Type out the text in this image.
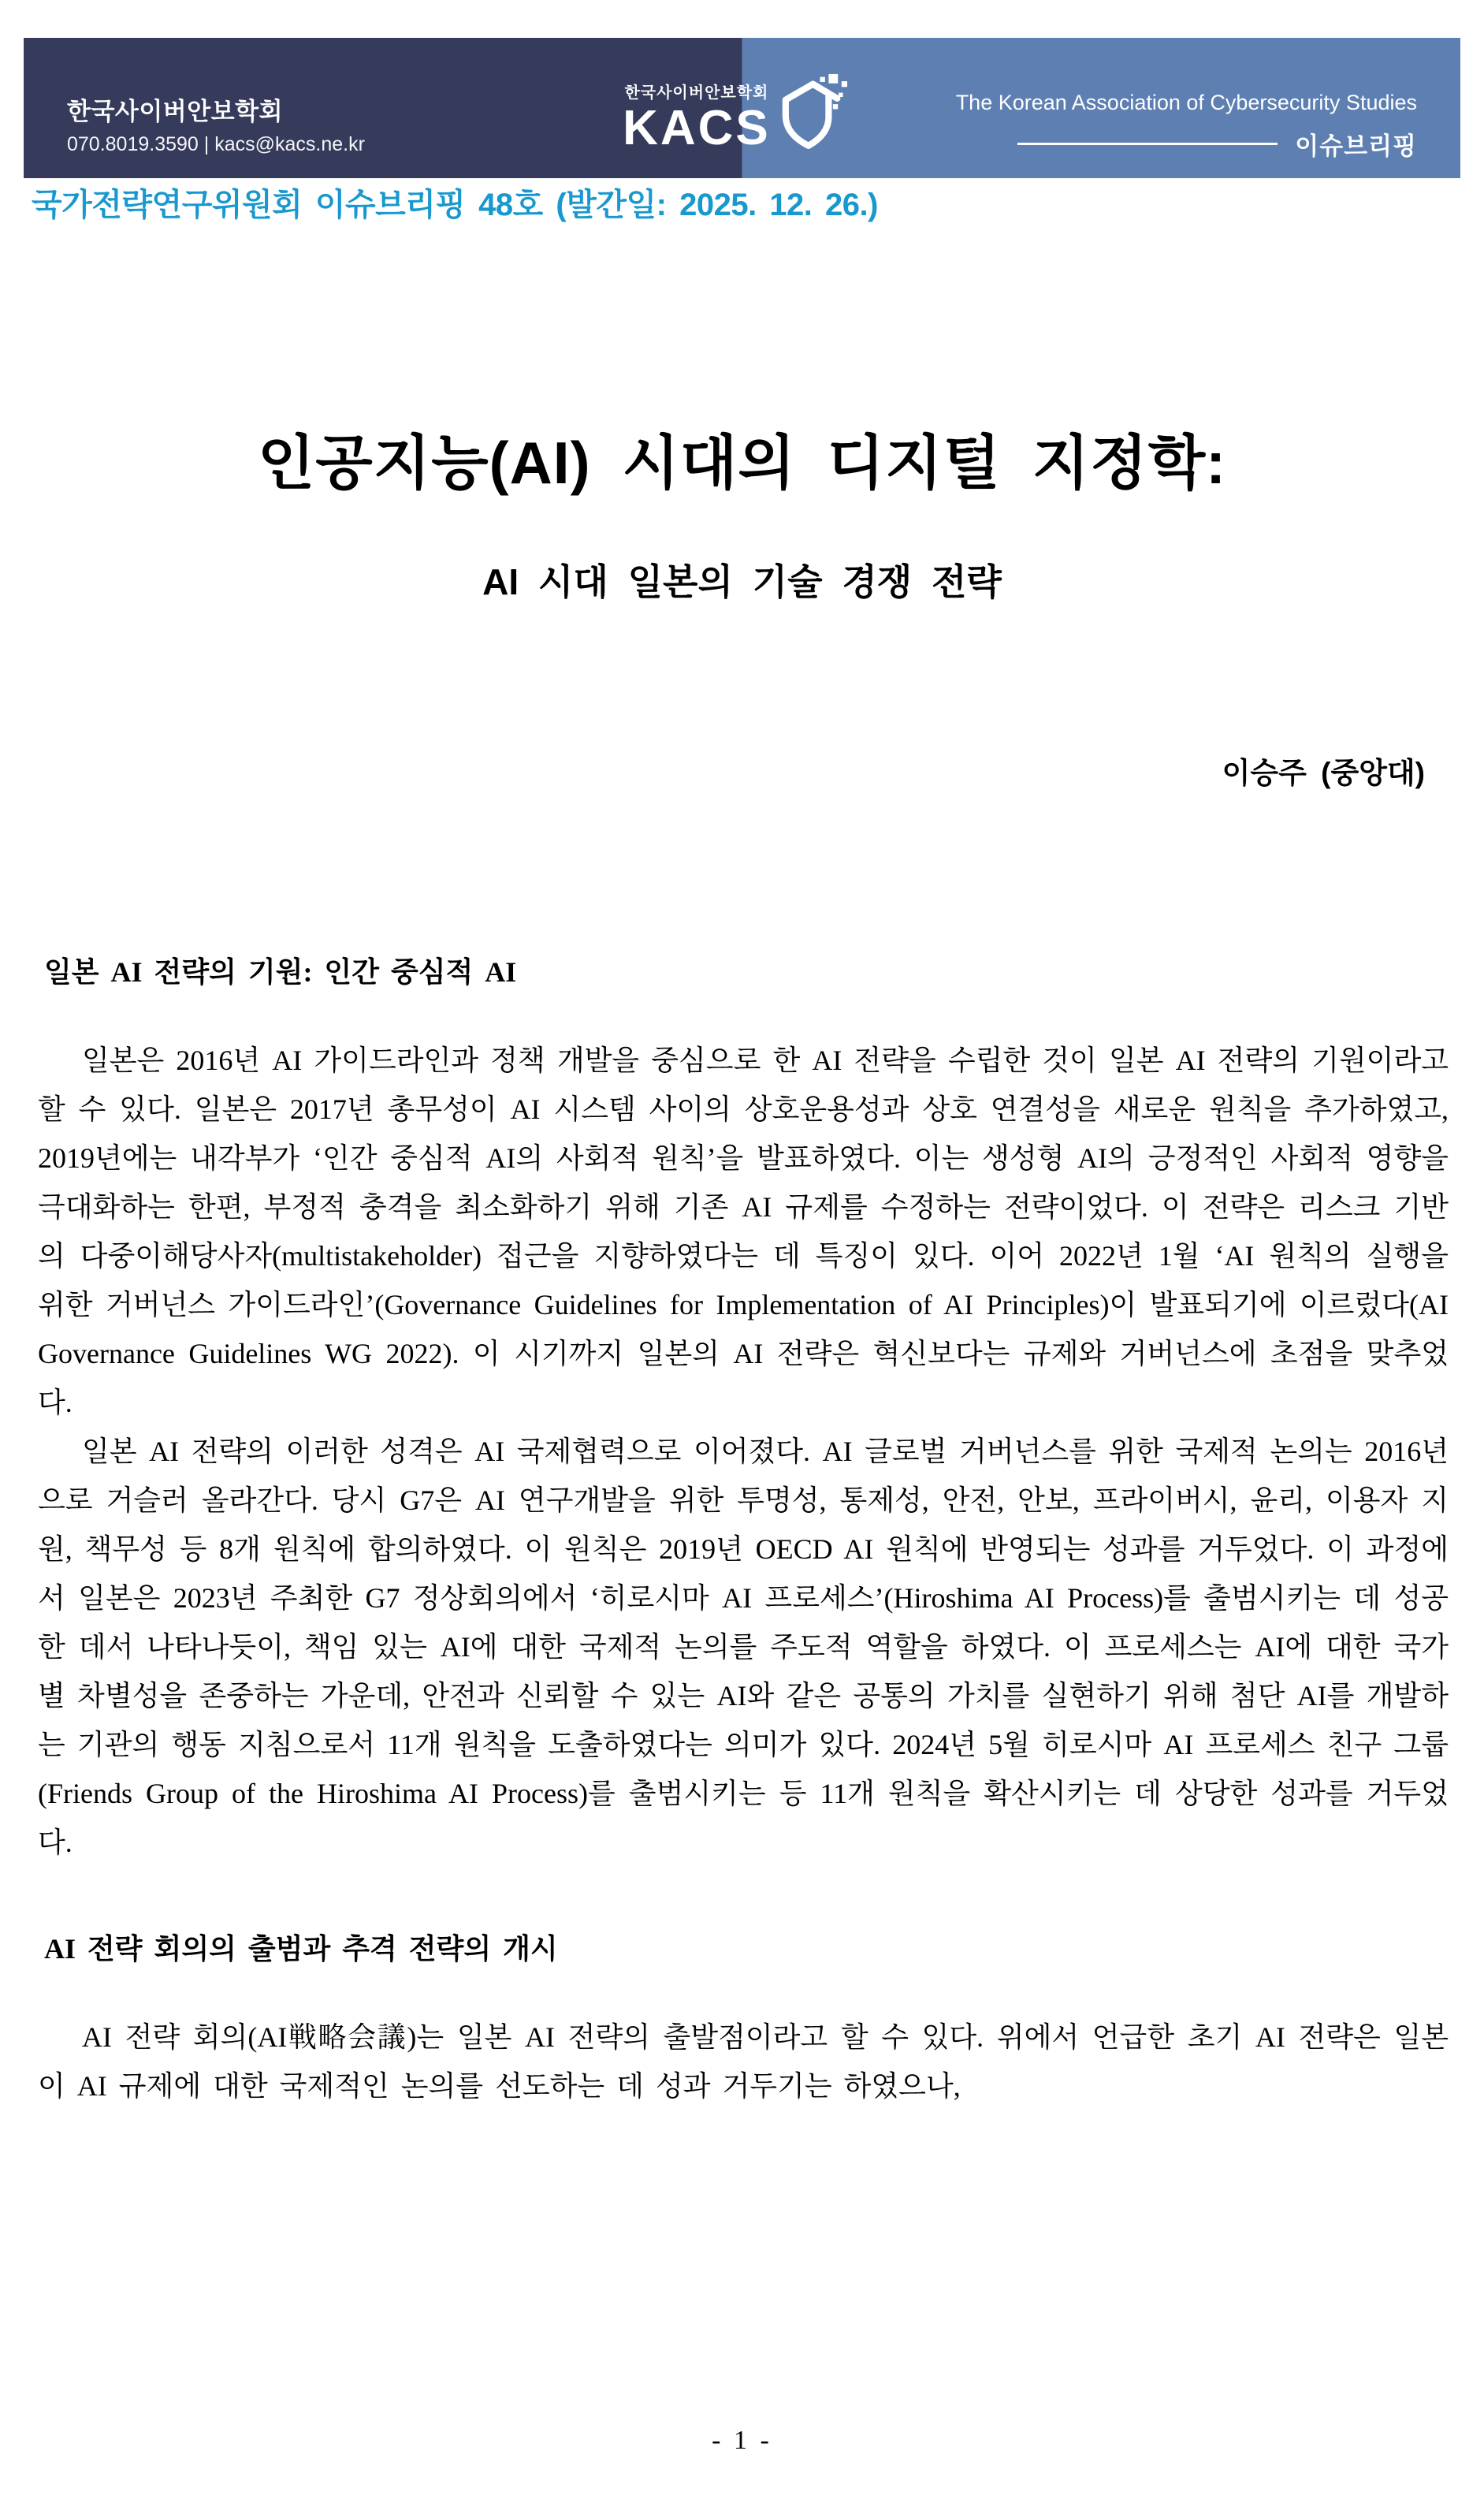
한국사이버안보학회
070.8019.3590 | kacs@kacs.ne.kr
한국사이버안보학회
KACS	The Korean Association of Cybersecurity Studies
이슈브리핑
국가전략연구위원회 이슈브리핑 48호 (발간일: 2025. 12. 26.)
인공지능(AI) 시대의 디지털 지정학:
AI 시대 일본의 기술 경쟁 전략
이승주 (중앙대)
일본 AI 전략의 기원: 인간 중심적 AI

일본은 2016년 AI 가이드라인과 정책 개발을 중심으로 한 AI 전략을 수립한 것이 일본 AI 전략의 기원이라고 할 수 있다. 일본은 2017년 총무성이 AI 시스템 사이의 상호운용성과 상호 연결성을 새로운 원칙을 추가하였고, 2019년에는 내각부가 ‘인간 중심적 AI의 사회적 원칙’을 발표하였다. 이는 생성형 AI의 긍정적인 사회적 영향을 극대화하는 한편, 부정적 충격을 최소화하기 위해 기존 AI 규제를 수정하는 전략이었다. 이 전략은 리스크 기반의 다중이해당사자(multistakeholder) 접근을 지향하였다는 데 특징이 있다. 이어 2022년 1월 ‘AI 원칙의 실행을 위한 거버넌스 가이드라인’(Governance Guidelines for Implementation of AI Principles)이 발표되기에 이르렀다(AI Governance Guidelines WG 2022). 이 시기까지 일본의 AI 전략은 혁신보다는 규제와 거버넌스에 초점을 맞추었다.

일본 AI 전략의 이러한 성격은 AI 국제협력으로 이어졌다. AI 글로벌 거버넌스를 위한 국제적 논의는 2016년으로 거슬러 올라간다. 당시 G7은 AI 연구개발을 위한 투명성, 통제성, 안전, 안보, 프라이버시, 윤리, 이용자 지원, 책무성 등 8개 원칙에 합의하였다. 이 원칙은 2019년 OECD AI 원칙에 반영되는 성과를 거두었다. 이 과정에서 일본은 2023년 주최한 G7 정상회의에서 ‘히로시마 AI 프로세스’(Hiroshima AI Process)를 출범시키는 데 성공한 데서 나타나듯이, 책임 있는 AI에 대한 국제적 논의를 주도적 역할을 하였다. 이 프로세스는 AI에 대한 국가별 차별성을 존중하는 가운데, 안전과 신뢰할 수 있는 AI와 같은 공통의 가치를 실현하기 위해 첨단 AI를 개발하는 기관의 행동 지침으로서 11개 원칙을 도출하였다는 의미가 있다. 2024년 5월 히로시마 AI 프로세스 친구 그룹(Friends Group of the Hiroshima AI Process)를 출범시키는 등 11개 원칙을 확산시키는 데 상당한 성과를 거두었다.

AI 전략 회의의 출범과 추격 전략의 개시

AI 전략 회의(AI戦略会議)는 일본 AI 전략의 출발점이라고 할 수 있다. 위에서 언급한 초기 AI 전략은 일본이 AI 규제에 대한 국제적인 논의를 선도하는 데 성과 거두기는 하였으나,

- 1 -
